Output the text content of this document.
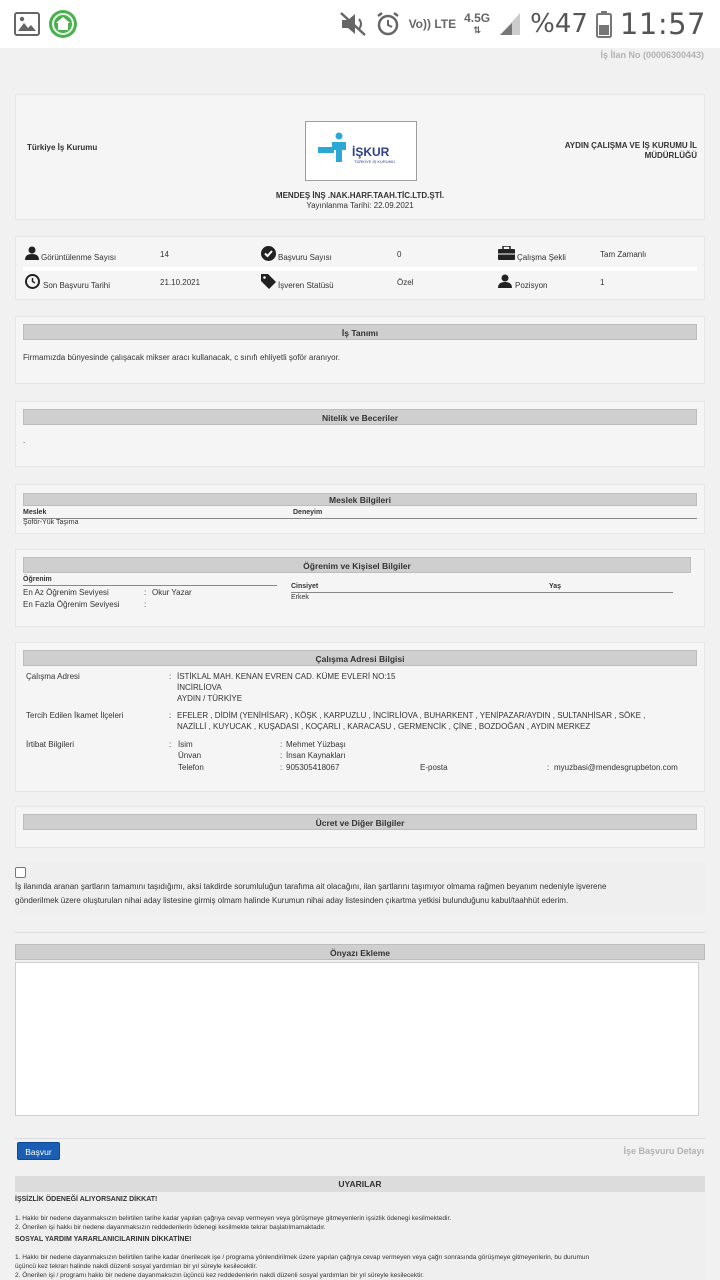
Vo)) LTE 4.5G
⇅ %47 11:57
İş İlan No (00006300443)
Türkiye İş Kurumu	İŞKUR
TÜRKİYE İŞ KURUMU
AYDIN ÇALIŞMA VE İŞ KURUMU İL
MÜDÜRLÜĞÜ
MENDEŞ İNŞ .NAK.HARF.TAAH.TİC.LTD.ŞTİ.
Yayınlanma Tarihi: 22.09.2021
Görüntülenme Sayısı	14	Başvuru Sayısı	0	Çalışma Şekli	Tam Zamanlı
Son Başvuru Tarihi	21.10.2021	İşveren Statüsü	Özel	Pozisyon	1
İş Tanımı
Firmamızda bünyesinde çalışacak mikser aracı kullanacak, c sınıfı ehliyetli şoför aranıyor.
Nitelik ve Beceriler
.
Meslek Bilgileri
Meslek	Deneyim
Şoför-Yük Taşıma
Öğrenim ve Kişisel Bilgiler
Öğrenim
En Az Öğrenim Seviyesi	: Okur Yazar
En Fazla Öğrenim Seviyesi	:
Cinsiyet	Yaş
Erkek
Çalışma Adresi Bilgisi
Çalışma Adresi	: İSTİKLAL MAH. KENAN EVREN CAD. KÜME EVLERİ NO:15
İNCİRLİOVA
AYDIN / TÜRKİYE
Tercih Edilen İkamet İlçeleri	: EFELER , DİDİM (YENİHİSAR) , KÖŞK , KARPUZLU , İNCİRLİOVA , BUHARKENT , YENİPAZAR/AYDIN , SULTANHİSAR , SÖKE ,
NAZİLLİ , KUYUCAK , KUŞADASI , KOÇARLI , KARACASU , GERMENCİK , ÇİNE , BOZDOĞAN , AYDIN MERKEZ
İrtibat Bilgileri	: İsim	: Mehmet Yüzbaşı
Ünvan	: İnsan Kaynakları
Telefon	: 905305418067	E-posta	: myuzbasi@mendesgrupbeton.com
Ücret ve Diğer Bilgiler
İş ilanında aranan şartların tamamını taşıdığımı, aksi takdirde sorumluluğun tarafıma ait olacağını, ilan şartlarını taşımıyor olmama rağmen beyanım nedeniyle işverene
gönderilmek üzere oluşturulan nihai aday listesine girmiş olmam halinde Kurumun nihai aday listesinden çıkartma yetkisi bulunduğunu kabul/taahhüt ederim.
Önyazı Ekleme
Başvur	İşe Başvuru Detayı
UYARILAR
İŞSİZLİK ÖDENEĞİ ALIYORSANIZ DİKKAT!
1. Hakkı bir nedene dayanmaksızın belirtilen tarihe kadar yapılan çağrıya cevap vermeyen veya görüşmeye gitmeyenlerin işsizlik ödenegi kesilmektedir.
2. Önerilen işi hakkı bir nedene dayanmaksızın reddedenlerin ödenegi kesilmekte tekrar başlatılmamaktadır.
SOSYAL YARDIM YARARLANICILARININ DİKKATİNE!
1. Hakkı bir nedene dayanmaksızın belirtilen tarihe kadar önerilecek işe / programa yönlendirilmek üzere yapılan çağrıya cevap vermeyen veya çağrı sonrasında görüşmeye gitmeyenlerin, bu durumun
üçüncü kez tekrarı halinde nakdi düzenli sosyal yardımları bir yıl süreyle kesilecektir.
2. Önerilen işi / programı hakkı bir nedene dayanmaksızın üçüncü kez reddedenlerin nakdi düzenli sosyal yardımları bir yıl süreyle kesilecektir.
